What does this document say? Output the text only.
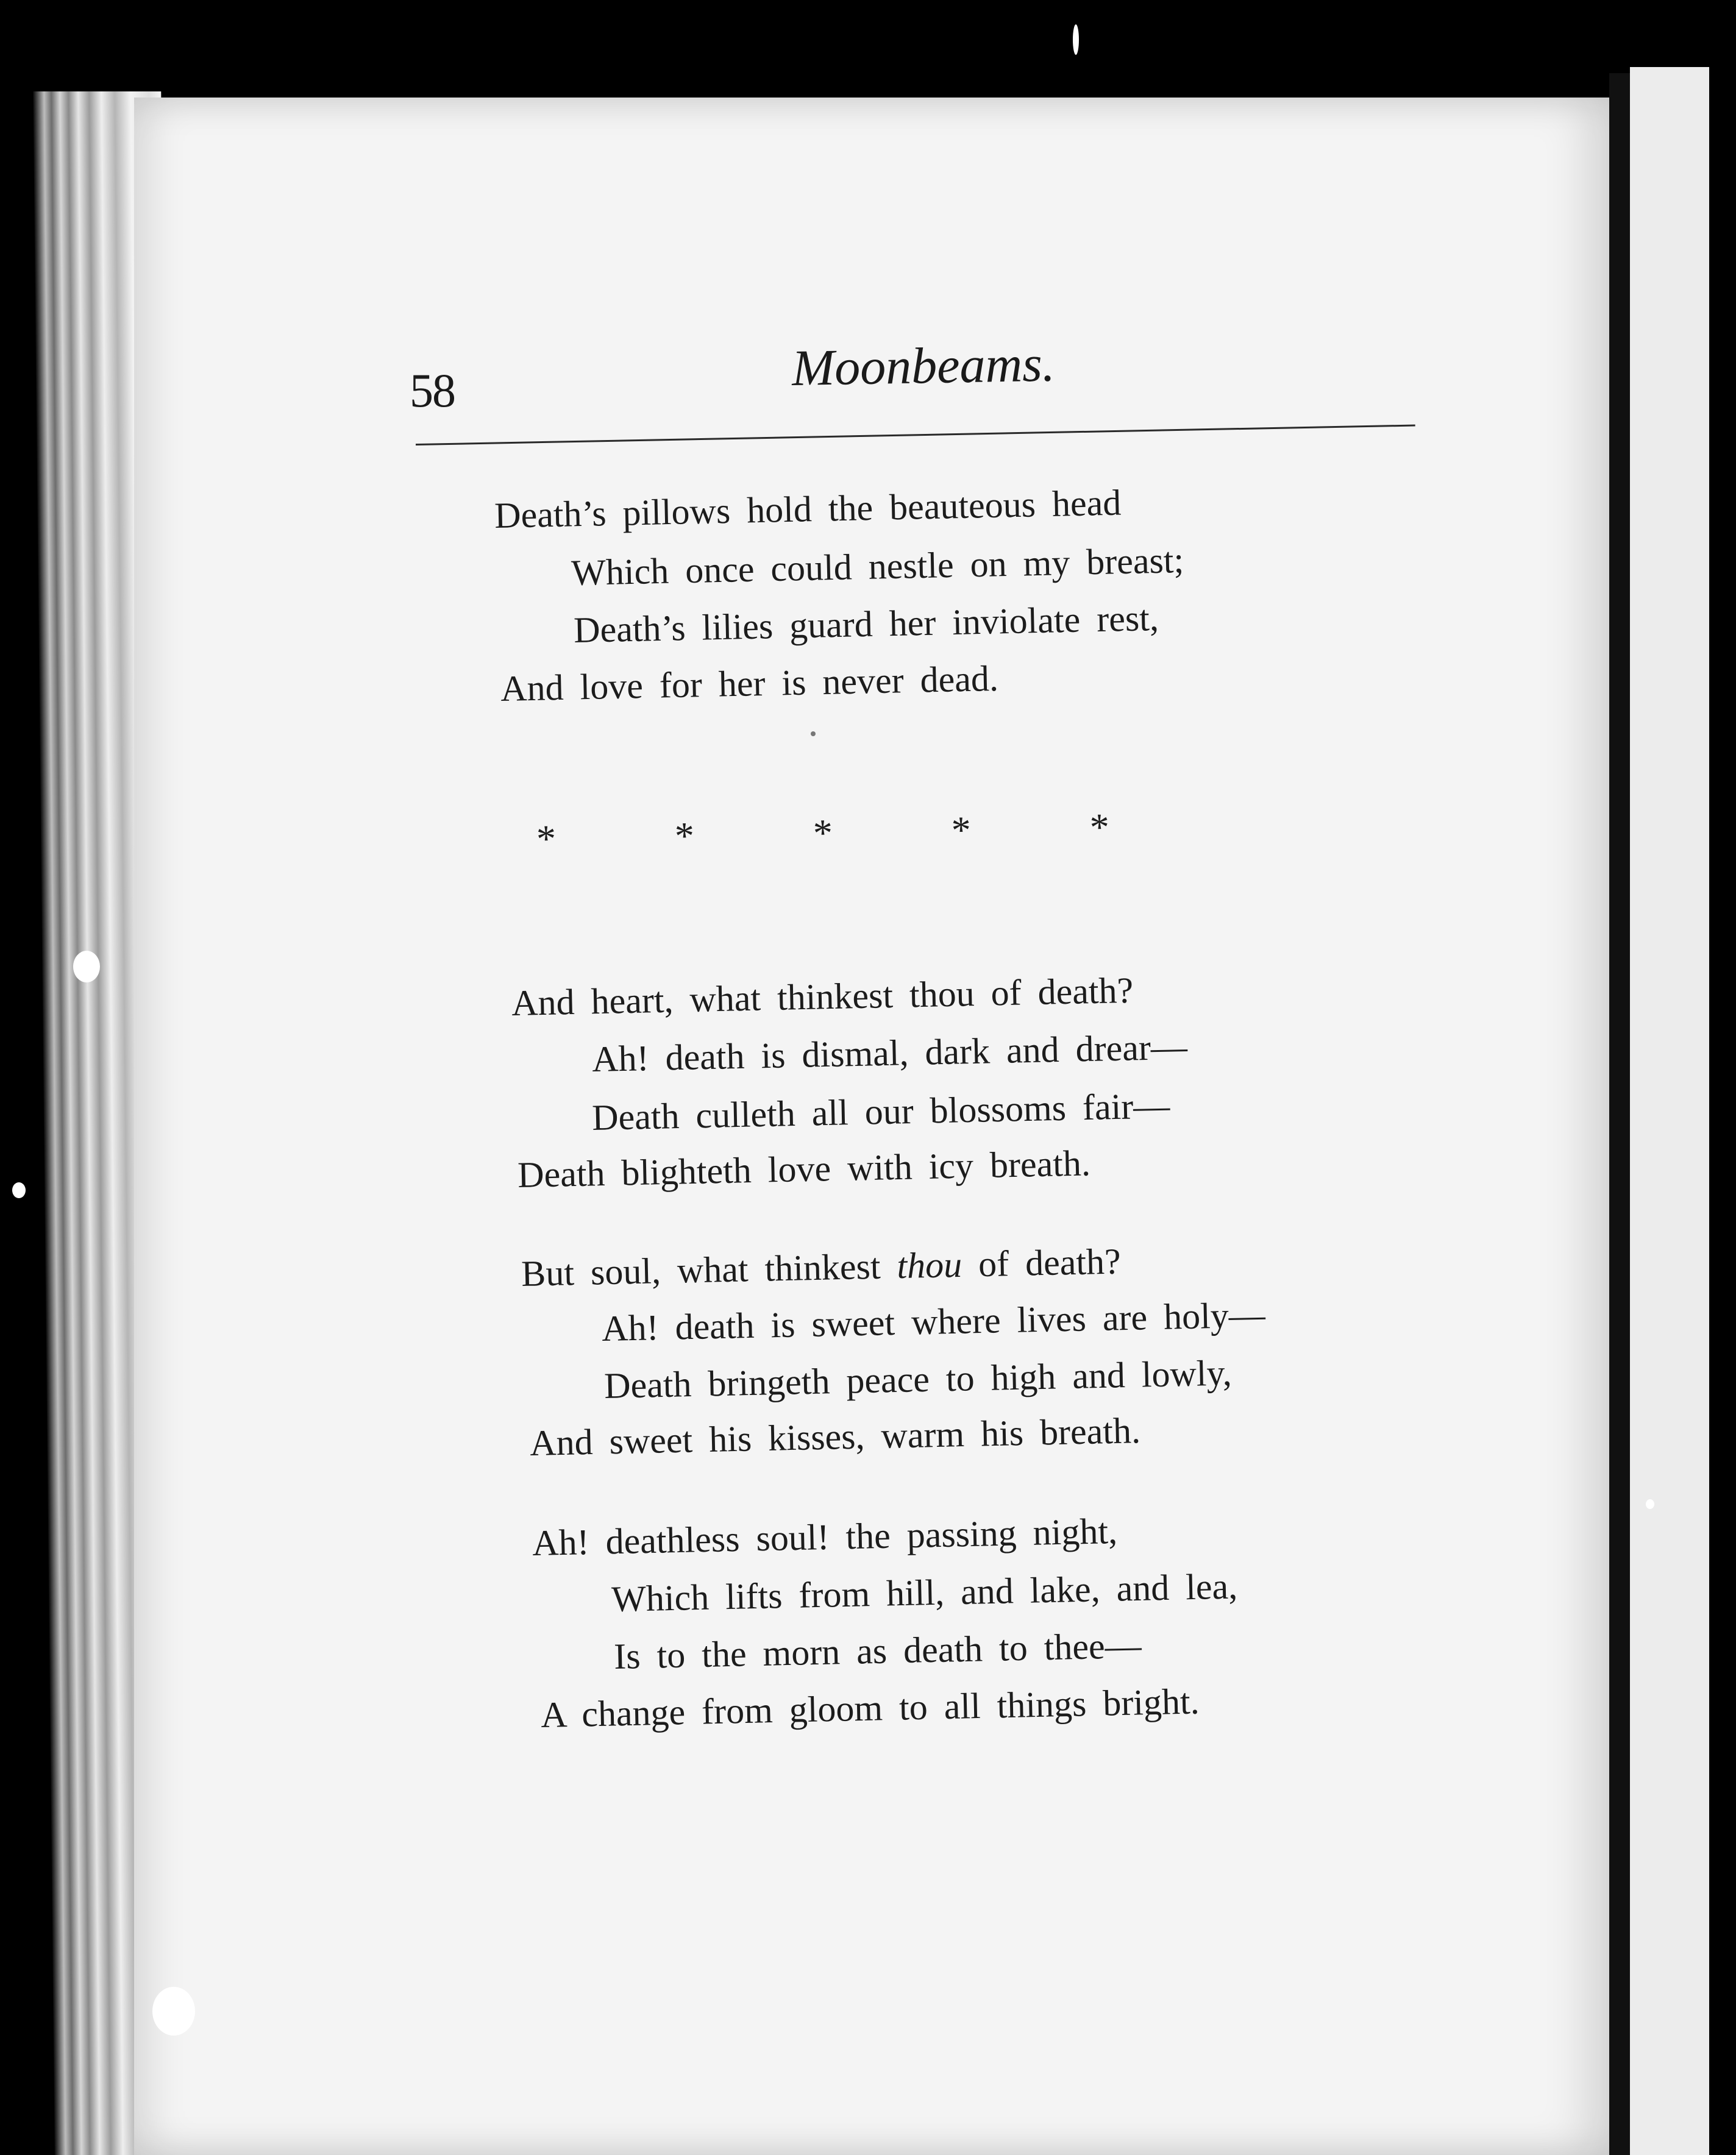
58	Moonbeams.
Death’s pillows hold the beauteous head
Which once could nestle on my breast;
Death’s lilies guard her inviolate rest,
And love for her is never dead.
And heart, what thinkest thou of death?
Ah! death is dismal, dark and drear—
Death culleth all our blossoms fair—
Death blighteth love with icy breath.
But soul, what thinkest thou of death?
Ah! death is sweet where lives are holy—
Death bringeth peace to high and lowly,
And sweet his kisses, warm his breath.
Ah! deathless soul! the passing night,
Which lifts from hill, and lake, and lea,
Is to the morn as death to thee—
A change from gloom to all things bright.
*	*	*	*	*
